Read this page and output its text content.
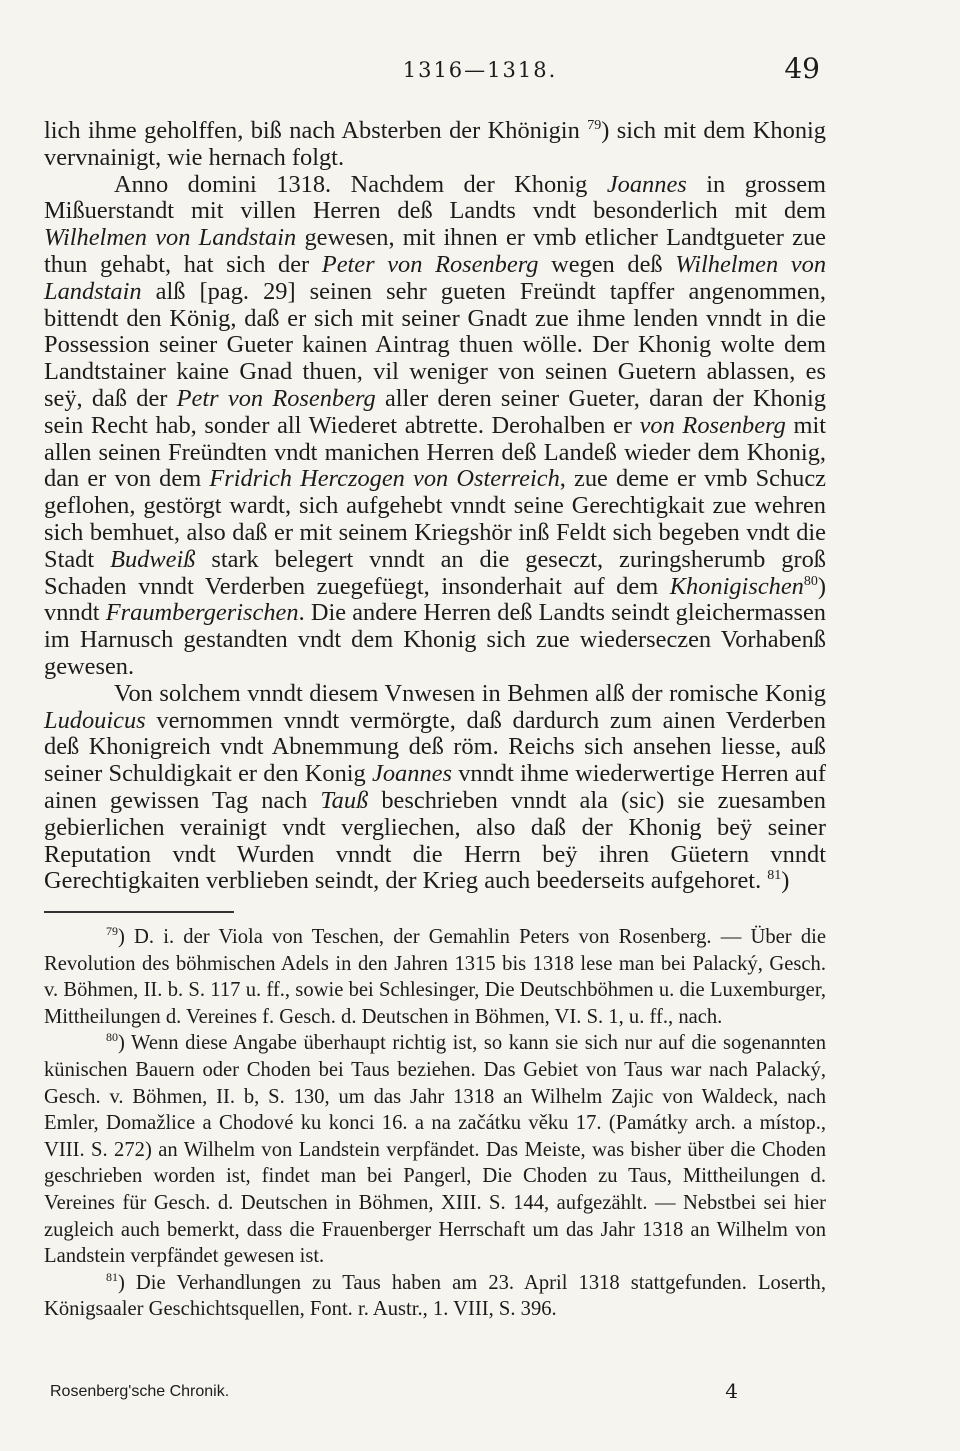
1316—1318.	49

lich ihme geholffen, biß nach Absterben der Khönigin $^{79}$) sich mit dem Khonig vervnainigt, wie hernach folgt.

Anno domini 1318. Nachdem der Khonig Joannes in grossem Mißuerstandt mit villen Herren deß Landts vndt besonderlich mit dem Wilhelmen von Landstain gewesen, mit ihnen er vmb etlicher Landtgueter zue thun gehabt, hat sich der Peter von Rosenberg wegen deß Wilhelmen von Landstain alß [pag. 29] seinen sehr gueten Freündt tapffer angenommen, bittendt den König, daß er sich mit seiner Gnadt zue ihme lenden vnndt in die Possession seiner Gueter kainen Aintrag thuen wölle. Der Khonig wolte dem Landtstainer kaine Gnad thuen, vil weniger von seinen Guetern ablassen, es seÿ, daß der Petr von Rosenberg aller deren seiner Gueter, daran der Khonig sein Recht hab, sonder all Wiederet abtrette. Derohalben er von Rosenberg mit allen seinen Freündten vndt manichen Herren deß Landeß wieder dem Khonig, dan er von dem Fridrich Herczogen von Osterreich, zue deme er vmb Schucz geflohen, gestörgt wardt, sich aufgehebt vnndt seine Gerechtigkait zue wehren sich bemhuet, also daß er mit seinem Kriegshör inß Feldt sich begeben vndt die Stadt Budweiß stark belegert vnndt an die geseczt, zuringsherumb groß Schaden vnndt Verderben zuegefüegt, insonderhait auf dem Khonigischen$^{80}$) vnndt Fraumbergerischen. Die andere Herren deß Landts seindt gleichermassen im Harnusch gestandten vndt dem Khonig sich zue wiederseczen Vorhabenß gewesen.

Von solchem vnndt diesem Vnwesen in Behmen alß der romische Konig Ludouicus vernommen vnndt vermörgte, daß dardurch zum ainen Verderben deß Khonigreich vndt Abnemmung deß röm. Reichs sich ansehen liesse, auß seiner Schuldigkait er den Konig Joannes vnndt ihme wiederwertige Herren auf ainen gewissen Tag nach Tauß beschrieben vnndt ala (sic) sie zuesamben gebierlichen verainigt vndt vergliechen, also daß der Khonig beÿ seiner Reputation vndt Wurden vnndt die Herrn beÿ ihren Güetern vnndt Gerechtigkaiten verblieben seindt, der Krieg auch beederseits aufgehoret. $^{81}$)

$^{79}$) D. i. der Viola von Teschen, der Gemahlin Peters von Rosenberg. — Über die Revolution des böhmischen Adels in den Jahren 1315 bis 1318 lese man bei Palacký, Gesch. v. Böhmen, II. b. S. 117 u. ff., sowie bei Schlesinger, Die Deutschböhmen u. die Luxemburger, Mittheilungen d. Vereines f. Gesch. d. Deutschen in Böhmen, VI. S. 1, u. ff., nach.

$^{80}$) Wenn diese Angabe überhaupt richtig ist, so kann sie sich nur auf die sogenannten künischen Bauern oder Choden bei Taus beziehen. Das Gebiet von Taus war nach Palacký, Gesch. v. Böhmen, II. b, S. 130, um das Jahr 1318 an Wilhelm Zajic von Waldeck, nach Emler, Domažlice a Chodové ku konci 16. a na začátku věku 17. (Památky arch. a místop., VIII. S. 272) an Wilhelm von Landstein verpfändet. Das Meiste, was bisher über die Choden geschrieben worden ist, findet man bei Pangerl, Die Choden zu Taus, Mittheilungen d. Vereines für Gesch. d. Deutschen in Böhmen, XIII. S. 144, aufgezählt. — Nebstbei sei hier zugleich auch bemerkt, dass die Frauenberger Herrschaft um das Jahr 1318 an Wilhelm von Landstein verpfändet gewesen ist.

$^{81}$) Die Verhandlungen zu Taus haben am 23. April 1318 stattgefunden. Loserth, Königsaaler Geschichtsquellen, Font. r. Austr., 1. VIII, S. 396.

Rosenberg'sche Chronik.	4
